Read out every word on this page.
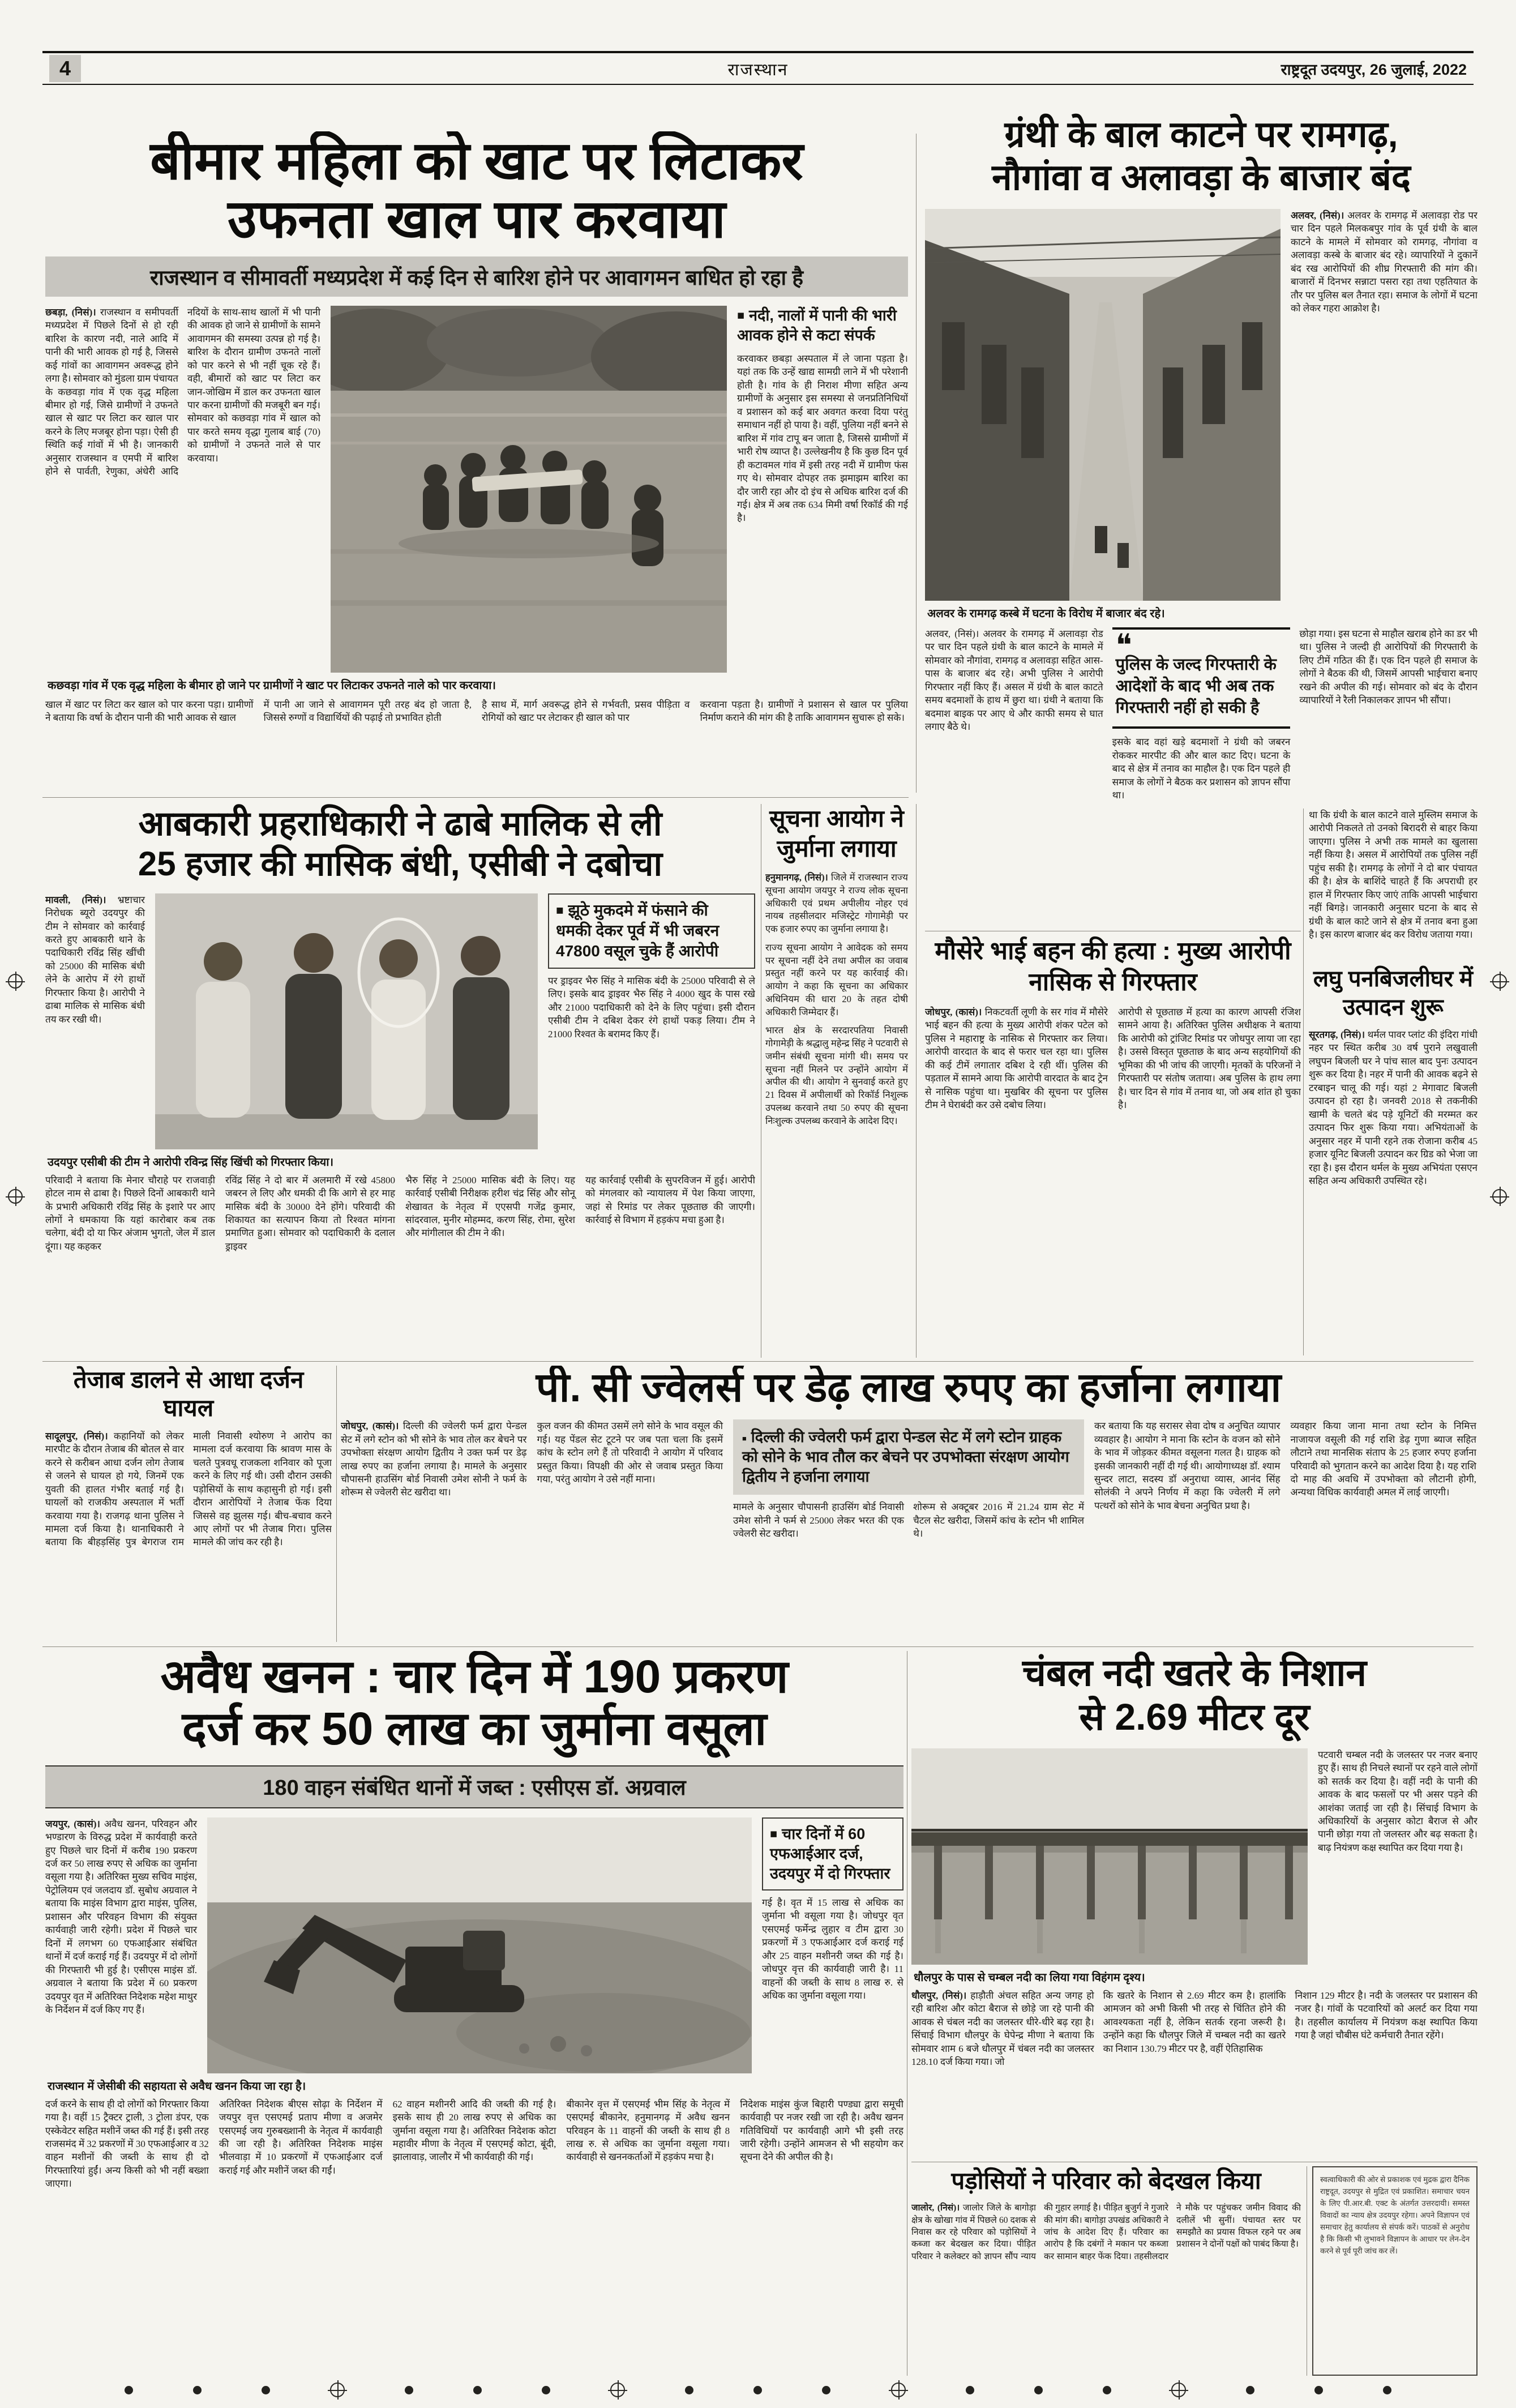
4	राजस्थान	राष्ट्रदूत उदयपुर, 26 जुलाई, 2022
बीमार महिला को खाट पर लिटाकर
उफनता खाल पार करवाया
राजस्थान व सीमावर्ती मध्यप्रदेश में कई दिन से बारिश होने पर आवागमन बाधित हो रहा है
छबड़ा, (निसं)। राजस्थान व समीपवर्ती मध्यप्रदेश में पिछले दिनों से हो रही बारिश के कारण नदी, नाले आदि में पानी की भारी आवक हो गई है, जिससे कई गांवों का आवागमन अवरूद्ध होने लगा है। सोमवार को मुंडला ग्राम पंचायत के कछवड़ा गांव में एक वृद्ध महिला बीमार हो गई, जिसे ग्रामीणों ने उफनते खाल से खाट पर लिटा कर खाल पार करने के लिए मजबूर होना पड़ा। ऐसी ही स्थिति कई गांवों में भी है। जानकारी अनुसार राजस्थान व एमपी में बारिश होने से पार्वती, रेणुका, अंधेरी आदि नदियों के साथ-साथ खालों में भी पानी की आवक हो जाने से ग्रामीणों के सामने आवागमन की समस्या उत्पन्न हो गई है। बारिश के दौरान ग्रामीण उफनते नालों को पार करने से भी नहीं चूक रहे हैं। वही, बीमारों को खाट पर लिटा कर जान-जोखिम में डाल कर उफनता खाल पार करना ग्रामीणों की मजबूरी बन गई। सोमवार को कछवड़ा गांव में खाल को पार करते समय वृद्धा गुलाब बाई (70) को ग्रामीणों ने उफनते नाले से पार करवाया।
■ नदी, नालों में पानी की भारी आवक होने से कटा संपर्क
करवाकर छबड़ा अस्पताल में ले जाना पड़ता है। यहां तक कि उन्हें खाद्य सामग्री लाने में भी परेशानी होती है। गांव के ही निराश मीणा सहित अन्य ग्रामीणों के अनुसार इस समस्या से जनप्रतिनिधियों व प्रशासन को कई बार अवगत करवा दिया परंतु समाधान नहीं हो पाया है। वहीं, पुलिया नहीं बनने से बारिश में गांव टापू बन जाता है, जिससे ग्रामीणों में भारी रोष व्याप्त है। उल्लेखनीय है कि कुछ दिन पूर्व ही कटावमल गांव में इसी तरह नदी में ग्रामीण फंस गए थे। सोमवार दोपहर तक झमाझम बारिश का दौर जारी रहा और दो इंच से अधिक बारिश दर्ज की गई। क्षेत्र में अब तक 634 मिमी वर्षा रिकॉर्ड की गई है।
कछवड़ा गांव में एक वृद्ध महिला के बीमार हो जाने पर ग्रामीणों ने खाट पर लिटाकर उफनते नाले को पार करवाया।
खाल में खाट पर लिटा कर खाल को पार करना पड़ा। ग्रामीणों ने बताया कि वर्षा के दौरान पानी की भारी आवक से खाल
में पानी आ जाने से आवागमन पूरी तरह बंद हो जाता है, जिससे रुग्णों व विद्यार्थियों की पढ़ाई तो प्रभावित होती
है साथ में, मार्ग अवरूद्ध होने से गर्भवती, प्रसव पीड़िता व रोगियों को खाट पर लेटाकर ही खाल को पार
करवाना पड़ता है। ग्रामीणों ने प्रशासन से खाल पर पुलिया निर्माण कराने की मांग की है ताकि आवागमन सुचारू हो सके।
ग्रंथी के बाल काटने पर रामगढ़,
नौगांवा व अलावड़ा के बाजार बंद
अलवर, (निसं)। अलवर के रामगढ़ में अलावड़ा रोड पर चार दिन पहले मिलकबपुर गांव के पूर्व ग्रंथी के बाल काटने के मामले में सोमवार को रामगढ़, नौगांवा व अलावड़ा कस्बे के बाजार बंद रहे। व्यापारियों ने दुकानें बंद रख आरोपियों की शीघ्र गिरफ्तारी की मांग की। बाजारों में दिनभर सन्नाटा पसरा रहा तथा एहतियात के तौर पर पुलिस बल तैनात रहा। समाज के लोगों में घटना को लेकर गहरा आक्रोश है।
अलवर के रामगढ़ कस्बे में घटना के विरोध में बाजार बंद रहे।
अलवर, (निसं)। अलवर के रामगढ़ में अलावड़ा रोड पर चार दिन पहले ग्रंथी के बाल काटने के मामले में सोमवार को नौगांवा, रामगढ़ व अलावड़ा सहित आस-पास के बाजार बंद रहे। अभी पुलिस ने आरोपी गिरफ्तार नहीं किए हैं। असल में ग्रंथी के बाल काटते समय बदमाशों के हाथ में छुरा था। ग्रंथी ने बताया कि बदमाश बाइक पर आए थे और काफी समय से घात लगाए बैठे थे।
❝
पुलिस के जल्द गिरफ्तारी के आदेशों के बाद भी अब तक गिरफ्तारी नहीं हो सकी है
इसके बाद वहां खड़े बदमाशों ने ग्रंथी को जबरन रोककर मारपीट की और बाल काट दिए। घटना के बाद से क्षेत्र में तनाव का माहौल है। एक दिन पहले ही समाज के लोगों ने बैठक कर प्रशासन को ज्ञापन सौंपा था।
छोड़ा गया। इस घटना से माहौल खराब होने का डर भी था। पुलिस ने जल्दी ही आरोपियों की गिरफ्तारी के लिए टीमें गठित की हैं। एक दिन पहले ही समाज के लोगों ने बैठक की थी, जिसमें आपसी भाईचारा बनाए रखने की अपील की गई। सोमवार को बंद के दौरान व्यापारियों ने रैली निकालकर ज्ञापन भी सौंपा।
था कि ग्रंथी के बाल काटने वाले मुस्लिम समाज के आरोपी निकलते तो उनको बिरादरी से बाहर किया जाएगा। पुलिस ने अभी तक मामले का खुलासा नहीं किया है। असल में आरोपियों तक पुलिस नहीं पहुंच सकी है। रामगढ़ के लोगों ने दो बार पंचायत की है। क्षेत्र के बाशिंदे चाहते हैं कि अपराधी हर हाल में गिरफ्तार किए जाएं ताकि आपसी भाईचारा नहीं बिगड़े। जानकारी अनुसार घटना के बाद से ग्रंथी के बाल काटे जाने से क्षेत्र में तनाव बना हुआ है। इस कारण बाजार बंद कर विरोध जताया गया।
आबकारी प्रहराधिकारी ने ढाबे मालिक से ली
25 हजार की मासिक बंधी, एसीबी ने दबोचा
मावली, (निसं)। भ्रष्टाचार निरोधक ब्यूरो उदयपुर की टीम ने सोमवार को कार्रवाई करते हुए आबकारी थाने के पदाधिकारी रविंद्र सिंह खींची को 25000 की मासिक बंधी लेने के आरोप में रंगे हाथों गिरफ्तार किया है। आरोपी ने ढाबा मालिक से मासिक बंधी तय कर रखी थी।
■ झूठे मुकदमे में फंसाने की धमकी देकर पूर्व में भी जबरन 47800 वसूल चुके हैं आरोपी
पर ड्राइवर भैरु सिंह ने मासिक बंदी के 25000 परिवादी से ले लिए। इसके बाद ड्राइवर भैरु सिंह ने 4000 खुद के पास रखे और 21000 पदाधिकारी को देने के लिए पहुंचा। इसी दौरान एसीबी टीम ने दबिश देकर रंगे हाथों पकड़ लिया। टीम ने 21000 रिश्वत के बरामद किए हैं।
उदयपुर एसीबी की टीम ने आरोपी रविन्द्र सिंह खिंची को गिरफ्तार किया।
परिवादी ने बताया कि मेनार चौराहे पर राजवाड़ी होटल नाम से ढाबा है। पिछले दिनों आबकारी थाने के प्रभारी अधिकारी रविंद्र सिंह के इशारे पर आए लोगों ने धमकाया कि यहां कारोबार कब तक चलेगा, बंदी दो या फिर अंजाम भुगतो, जेल में डाल दूंगा। यह कहकर
रविंद्र सिंह ने दो बार में अलमारी में रखे 45800 जबरन ले लिए और धमकी दी कि आगे से हर माह मासिक बंदी के 30000 देने होंगे। परिवादी की शिकायत का सत्यापन किया तो रिश्वत मांगना प्रमाणित हुआ। सोमवार को पदाधिकारी के दलाल ड्राइवर
भैरु सिंह ने 25000 मासिक बंदी के लिए। यह कार्रवाई एसीबी निरीक्षक हरीश चंद्र सिंह और सोनू शेखावत के नेतृत्व में एएसपी गजेंद्र कुमार, सांदरवाल, मुनीर मोहम्मद, करण सिंह, रोमा, सुरेश और मांगीलाल की टीम ने की।
यह कार्रवाई एसीबी के सुपरविजन में हुई। आरोपी को मंगलवार को न्यायालय में पेश किया जाएगा, जहां से रिमांड पर लेकर पूछताछ की जाएगी। कार्रवाई से विभाग में हड़कंप मचा हुआ है।
सूचना आयोग ने जुर्माना लगाया
हनुमानगढ़, (निसं)। जिले में राजस्थान राज्य सूचना आयोग जयपुर ने राज्य लोक सूचना अधिकारी एवं प्रथम अपीलीय नोहर एवं नायब तहसीलदार मजिस्ट्रेट गोगामेड़ी पर एक हजार रुपए का जुर्माना लगाया है।
राज्य सूचना आयोग ने आवेदक को समय पर सूचना नहीं देने तथा अपील का जवाब प्रस्तुत नहीं करने पर यह कार्रवाई की। आयोग ने कहा कि सूचना का अधिकार अधिनियम की धारा 20 के तहत दोषी अधिकारी जिम्मेदार हैं।
भारत क्षेत्र के सरदारपतिया निवासी गोगामेड़ी के श्रद्धालु महेन्द्र सिंह ने पटवारी से जमीन संबंधी सूचना मांगी थी। समय पर सूचना नहीं मिलने पर उन्होंने आयोग में अपील की थी। आयोग ने सुनवाई करते हुए 21 दिवस में अपीलार्थी को रिकॉर्ड निशुल्क उपलब्ध करवाने तथा 50 रुपए की सूचना निःशुल्क उपलब्ध करवाने के आदेश दिए।
मौसेरे भाई बहन की हत्या : मुख्य आरोपी नासिक से गिरफ्तार
जोधपुर, (कासं)। निकटवर्ती लूणी के सर गांव में मौसेरे भाई बहन की हत्या के मुख्य आरोपी शंकर पटेल को पुलिस ने महाराष्ट्र के नासिक से गिरफ्तार कर लिया। आरोपी वारदात के बाद से फरार चल रहा था। पुलिस की कई टीमें लगातार दबिश दे रही थीं। पुलिस की पड़ताल में सामने आया कि आरोपी वारदात के बाद ट्रेन से नासिक पहुंचा था। मुखबिर की सूचना पर पुलिस टीम ने घेराबंदी कर उसे दबोच लिया।
आरोपी से पूछताछ में हत्या का कारण आपसी रंजिश सामने आया है। अतिरिक्त पुलिस अधीक्षक ने बताया कि आरोपी को ट्रांजिट रिमांड पर जोधपुर लाया जा रहा है। उससे विस्तृत पूछताछ के बाद अन्य सहयोगियों की भूमिका की भी जांच की जाएगी। मृतकों के परिजनों ने गिरफ्तारी पर संतोष जताया। अब पुलिस के हाथ लगा है। चार दिन से गांव में तनाव था, जो अब शांत हो चुका है।
लघु पनबिजलीघर में उत्पादन शुरू
सूरतगढ़, (निसं)। थर्मल पावर प्लांट की इंदिरा गांधी नहर पर स्थित करीब 30 वर्ष पुराने लखुवाली लघुपन बिजली घर ने पांच साल बाद पुनः उत्पादन शुरू कर दिया है। नहर में पानी की आवक बढ़ने से टरबाइन चालू की गई। यहां 2 मेगावाट बिजली उत्पादन हो रहा है। जनवरी 2018 से तकनीकी खामी के चलते बंद पड़े यूनिटों की मरम्मत कर उत्पादन फिर शुरू किया गया। अभियंताओं के अनुसार नहर में पानी रहने तक रोजाना करीब 45 हजार यूनिट बिजली उत्पादन कर ग्रिड को भेजा जा रहा है। इस दौरान थर्मल के मुख्य अभियंता एसएन सहित अन्य अधिकारी उपस्थित रहे।
तेजाब डालने से आधा दर्जन घायल
सादूलपुर, (निसं)। कहानियों को लेकर मारपीट के दौरान तेजाब की बोतल से वार करने से करीबन आधा दर्जन लोग तेजाब से जलने से घायल हो गये, जिनमें एक युवती की हालत गंभीर बताई गई है। घायलों को राजकीय अस्पताल में भर्ती करवाया गया है। राजगढ़ थाना पुलिस ने मामला दर्ज किया है। थानाधिकारी ने बताया कि बीहड़सिंह पुत्र बेगराज राम माली निवासी श्योरुण ने आरोप का मामला दर्ज करवाया कि श्रावण मास के चलते पुत्रवधू राजकला शनिवार को पूजा करने के लिए गई थी। उसी दौरान उसकी पड़ोसियों के साथ कहासुनी हो गई। इसी दौरान आरोपियों ने तेजाब फेंक दिया जिससे वह झुलस गई। बीच-बचाव करने आए लोगों पर भी तेजाब गिरा। पुलिस मामले की जांच कर रही है।
पी. सी ज्वेलर्स पर डेढ़ लाख रुपए का हर्जाना लगाया
जोधपुर, (कासं)। दिल्ली की ज्वेलरी फर्म द्वारा पेन्डल सेट में लगे स्टोन को भी सोने के भाव तोल कर बेचने पर उपभोक्ता संरक्षण आयोग द्वितीय ने उक्त फर्म पर डेढ़ लाख रुपए का हर्जाना लगाया है। मामले के अनुसार चौपासनी हाउसिंग बोर्ड निवासी उमेश सोनी ने फर्म के शोरूम से ज्वेलरी सेट खरीदा था।
कुल वजन की कीमत उसमें लगे सोने के भाव वसूल की गई। यह पेंडल सेट टूटने पर जब पता चला कि इसमें कांच के स्टोन लगे हैं तो परिवादी ने आयोग में परिवाद प्रस्तुत किया। विपक्षी की ओर से जवाब प्रस्तुत किया गया, परंतु आयोग ने उसे नहीं माना।
■ दिल्ली की ज्वेलरी फर्म द्वारा पेन्डल सेट में लगे स्टोन ग्राहक को सोने के भाव तौल कर बेचने पर उपभोक्ता संरक्षण आयोग द्वितीय ने हर्जाना लगाया
मामले के अनुसार चौपासनी हाउसिंग बोर्ड निवासी उमेश सोनी ने फर्म से 25000 लेकर भरत की एक ज्वेलरी सेट खरीदा।
शोरूम से अक्टूबर 2016 में 21.24 ग्राम सेट में चैटल सेट खरीदा, जिसमें कांच के स्टोन भी शामिल थे।
कर बताया कि यह सरासर सेवा दोष व अनुचित व्यापार व्यवहार है। आयोग ने माना कि स्टोन के वजन को सोने के भाव में जोड़कर कीमत वसूलना गलत है। ग्राहक को इसकी जानकारी नहीं दी गई थी। आयोगाध्यक्ष डॉ. श्याम सुन्दर लाटा, सदस्य डॉ अनुराधा व्यास, आनंद सिंह सोलंकी ने अपने निर्णय में कहा कि ज्वेलरी में लगे पत्थरों को सोने के भाव बेचना अनुचित प्रथा है।
व्यवहार किया जाना माना तथा स्टोन के निमित्त नाजायज वसूली की गई राशि डेढ़ गुणा ब्याज सहित लौटाने तथा मानसिक संताप के 25 हजार रुपए हर्जाना परिवादी को भुगतान करने का आदेश दिया है। यह राशि दो माह की अवधि में उपभोक्ता को लौटानी होगी, अन्यथा विधिक कार्यवाही अमल में लाई जाएगी।
अवैध खनन : चार दिन में 190 प्रकरण
दर्ज कर 50 लाख का जुर्माना वसूला
180 वाहन संबंधित थानों में जब्त : एसीएस डॉ. अग्रवाल
जयपुर, (कासं)। अवैध खनन, परिवहन और भण्डारण के विरुद्ध प्रदेश में कार्यवाही करते हुए पिछले चार दिनों में करीब 190 प्रकरण दर्ज कर 50 लाख रुपए से अधिक का जुर्माना वसूला गया है। अतिरिक्त मुख्य सचिव माइंस, पेट्रोलियम एवं जलदाय डॉ. सुबोध अग्रवाल ने बताया कि माइंस विभाग द्वारा माइंस, पुलिस, प्रशासन और परिवहन विभाग की संयुक्त कार्यवाही जारी रहेगी। प्रदेश में पिछले चार दिनों में लगभग 60 एफआईआर संबंधित थानों में दर्ज कराई गई हैं। उदयपुर में दो लोगों की गिरफ्तारी भी हुई है। एसीएस माइंस डॉ. अग्रवाल ने बताया कि प्रदेश में 60 प्रकरण उदयपुर वृत में अतिरिक्त निदेशक महेश माथुर के निर्देशन में दर्ज किए गए हैं।
■ चार दिनों में 60 एफआईआर दर्ज, उदयपुर में दो गिरफ्तार
गई है। वृत में 15 लाख से अधिक का जुर्माना भी वसूला गया है। जोधपुर वृत एसएमई फर्मेन्द्र लुहार व टीम द्वारा 30 प्रकरणों में 3 एफआईआर दर्ज कराई गई और 25 वाहन मशीनरी जब्त की गई है। जोधपुर वृत्त की कार्यवाही जारी है। 11 वाहनों की जब्ती के साथ 8 लाख रु. से अधिक का जुर्माना वसूला गया।
राजस्थान में जेसीबी की सहायता से अवैध खनन किया जा रहा है।
दर्ज करने के साथ ही दो लोगों को गिरफ्तार किया गया है। वहीं 15 ट्रैक्टर ट्राली, 3 ट्रोला डंपर, एक एस्केवेटर सहित मशीनें जब्त की गई हैं। इसी तरह राजसमंद में 32 प्रकरणों में 30 एफआईआर व 32 वाहन मशीनों की जब्ती के साथ ही दो गिरफ्तारियां हुईं। अन्य किसी को भी नहीं बख्शा जाएगा।
अतिरिक्त निदेशक बीएस सोढ़ा के निर्देशन में जयपुर वृत्त एसएमई प्रताप मीणा व अजमेर एसएमई जय गुरुबख्शानी के नेतृत्व में कार्यवाही की जा रही है। अतिरिक्त निदेशक माइंस भीलवाड़ा में 10 प्रकरणों में एफआईआर दर्ज कराई गई और मशीनें जब्त की गईं।
62 वाहन मशीनरी आदि की जब्ती की गई है। इसके साथ ही 20 लाख रुपए से अधिक का जुर्माना वसूला गया है। अतिरिक्त निदेशक कोटा महावीर मीणा के नेतृत्व में एसएमई कोटा, बूंदी, झालावाड़, जालौर में भी कार्यवाही की गई।
बीकानेर वृत्त में एसएमई भीम सिंह के नेतृत्व में एसएमई बीकानेर, हनुमानगढ़ में अवैध खनन परिवहन के 11 वाहनों की जब्ती के साथ ही 8 लाख रु. से अधिक का जुर्माना वसूला गया। कार्यवाही से खननकर्ताओं में हड़कंप मचा है।
निदेशक माइंस कुंज बिहारी पण्ड्या द्वारा समूची कार्यवाही पर नजर रखी जा रही है। अवैध खनन गतिविधियों पर कार्यवाही आगे भी इसी तरह जारी रहेगी। उन्होंने आमजन से भी सहयोग कर सूचना देने की अपील की है।
चंबल नदी खतरे के निशान
से 2.69 मीटर दूर
पटवारी चम्बल नदी के जलस्तर पर नजर बनाए हुए हैं। साथ ही निचले स्थानों पर रहने वाले लोगों को सतर्क कर दिया है। वहीं नदी के पानी की आवक के बाद फसलों पर भी असर पड़ने की आशंका जताई जा रही है। सिंचाई विभाग के अधिकारियों के अनुसार कोटा बैराज से और पानी छोड़ा गया तो जलस्तर और बढ़ सकता है। बाढ़ नियंत्रण कक्ष स्थापित कर दिया गया है।
धौलपुर के पास से चम्बल नदी का लिया गया विहंगम दृश्य।
धौलपुर, (निसं)। हाड़ौती अंचल सहित अन्य जगह हो रही बारिश और कोटा बैराज से छोड़े जा रहे पानी की आवक से चंबल नदी का जलस्तर धीरे-धीरे बढ़ रहा है। सिंचाई विभाग धौलपुर के घेपेन्द्र मीणा ने बताया कि सोमवार शाम 6 बजे धौलपुर में चंबल नदी का जलस्तर 128.10 दर्ज किया गया। जो
कि खतरे के निशान से 2.69 मीटर कम है। हालांकि आमजन को अभी किसी भी तरह से चिंतित होने की आवश्यकता नहीं है, लेकिन सतर्क रहना जरूरी है। उन्होंने कहा कि धौलपुर जिले में चम्बल नदी का खतरे का निशान 130.79 मीटर पर है, वहीं ऐतिहासिक
निशान 129 मीटर है। नदी के जलस्तर पर प्रशासन की नजर है। गांवों के पटवारियों को अलर्ट कर दिया गया है। तहसील कार्यालय में नियंत्रण कक्ष स्थापित किया गया है जहां चौबीस घंटे कर्मचारी तैनात रहेंगे।
पड़ोसियों ने परिवार को बेदखल किया
जालोर, (निसं)। जालोर जिले के बागोड़ा क्षेत्र के खोखा गांव में पिछले 60 दशक से निवास कर रहे परिवार को पड़ोसियों ने कब्जा कर बेदखल कर दिया। पीड़ित परिवार ने कलेक्टर को ज्ञापन सौंप न्याय की गुहार लगाई है। पीड़ित बुजुर्ग ने गुजारे की मांग की। बागोड़ा उपखंड अधिकारी ने जांच के आदेश दिए हैं। परिवार का आरोप है कि दबंगों ने मकान पर कब्जा कर सामान बाहर फेंक दिया। तहसीलदार ने मौके पर पहुंचकर जमीन विवाद की दलीलें भी सुनीं। पंचायत स्तर पर समझौते का प्रयास विफल रहने पर अब प्रशासन ने दोनों पक्षों को पाबंद किया है।
स्वत्वाधिकारी की ओर से प्रकाशक एवं मुद्रक द्वारा दैनिक राष्ट्रदूत, उदयपुर से मुद्रित एवं प्रकाशित। समाचार चयन के लिए पी.आर.बी. एक्ट के अंतर्गत उत्तरदायी। समस्त विवादों का न्याय क्षेत्र उदयपुर रहेगा। अपने विज्ञापन एवं समाचार हेतु कार्यालय से संपर्क करें। पाठकों से अनुरोध है कि किसी भी लुभावने विज्ञापन के आधार पर लेन-देन करने से पूर्व पूरी जांच कर लें।
